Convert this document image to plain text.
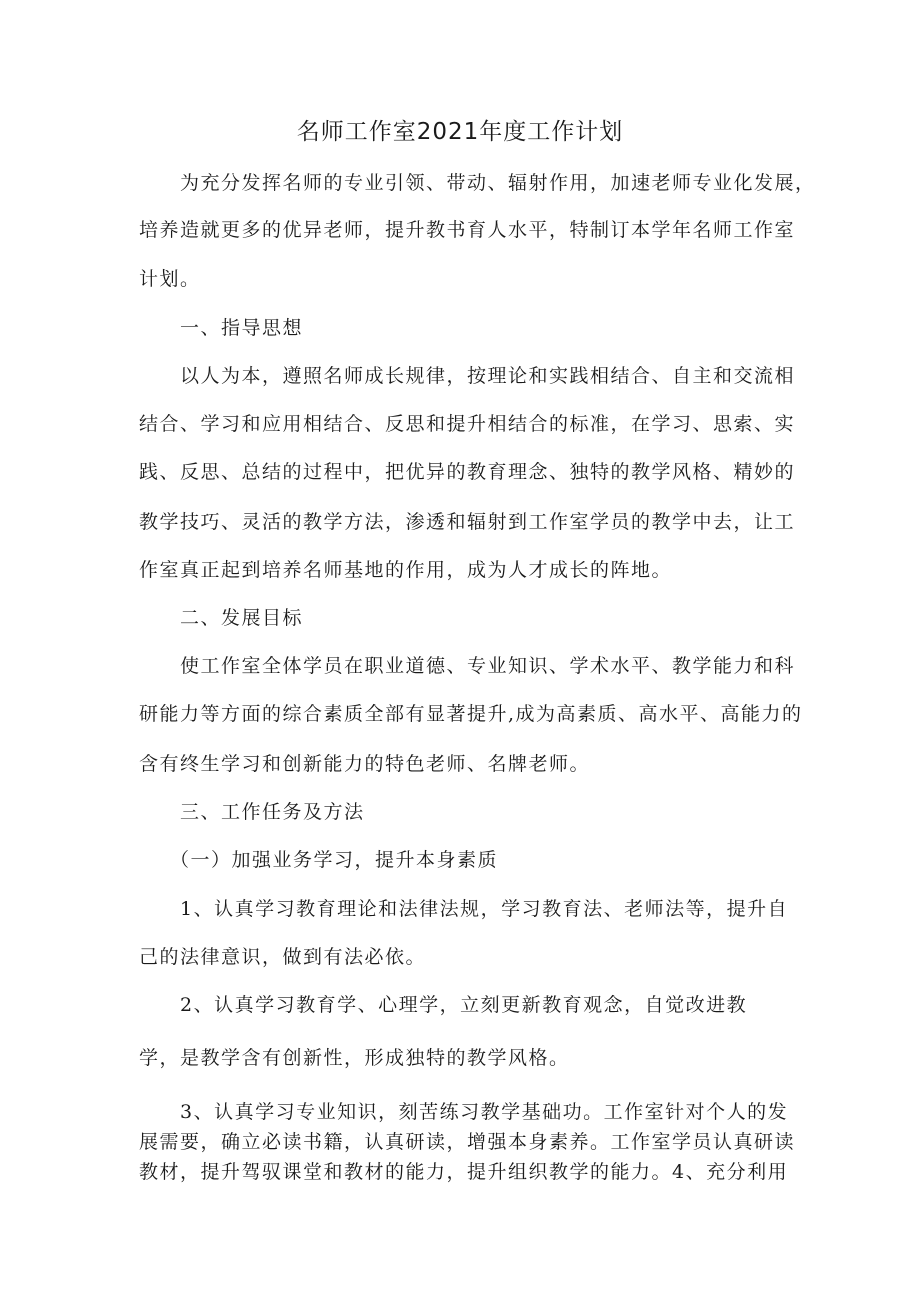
名师工作室2021年度工作计划
为充分发挥名师的专业引领、带动、辐射作用，加速老师专业化发展，
培养造就更多的优异老师，提升教书育人水平，特制订本学年名师工作室
计划。
一、指导思想
以人为本，遵照名师成长规律，按理论和实践相结合、自主和交流相
结合、学习和应用相结合、反思和提升相结合的标准，在学习、思索、实
践、反思、总结的过程中，把优异的教育理念、独特的教学风格、精妙的
教学技巧、灵活的教学方法，渗透和辐射到工作室学员的教学中去，让工
作室真正起到培养名师基地的作用，成为人才成长的阵地。
二、发展目标
使工作室全体学员在职业道德、专业知识、学术水平、教学能力和科
研能力等方面的综合素质全部有显著提升,成为高素质、高水平、高能力的
含有终生学习和创新能力的特色老师、名牌老师。
三、工作任务及方法
（一）加强业务学习，提升本身素质
1、认真学习教育理论和法律法规，学习教育法、老师法等，提升自
己的法律意识，做到有法必依。
2、认真学习教育学、心理学，立刻更新教育观念，自觉改进教
学，是教学含有创新性，形成独特的教学风格。
3、认真学习专业知识，刻苦练习教学基础功。工作室针对个人的发
展需要，确立必读书籍，认真研读，增强本身素养。工作室学员认真研读
教材，提升驾驭课堂和教材的能力，提升组织教学的能力。4、充分利用
